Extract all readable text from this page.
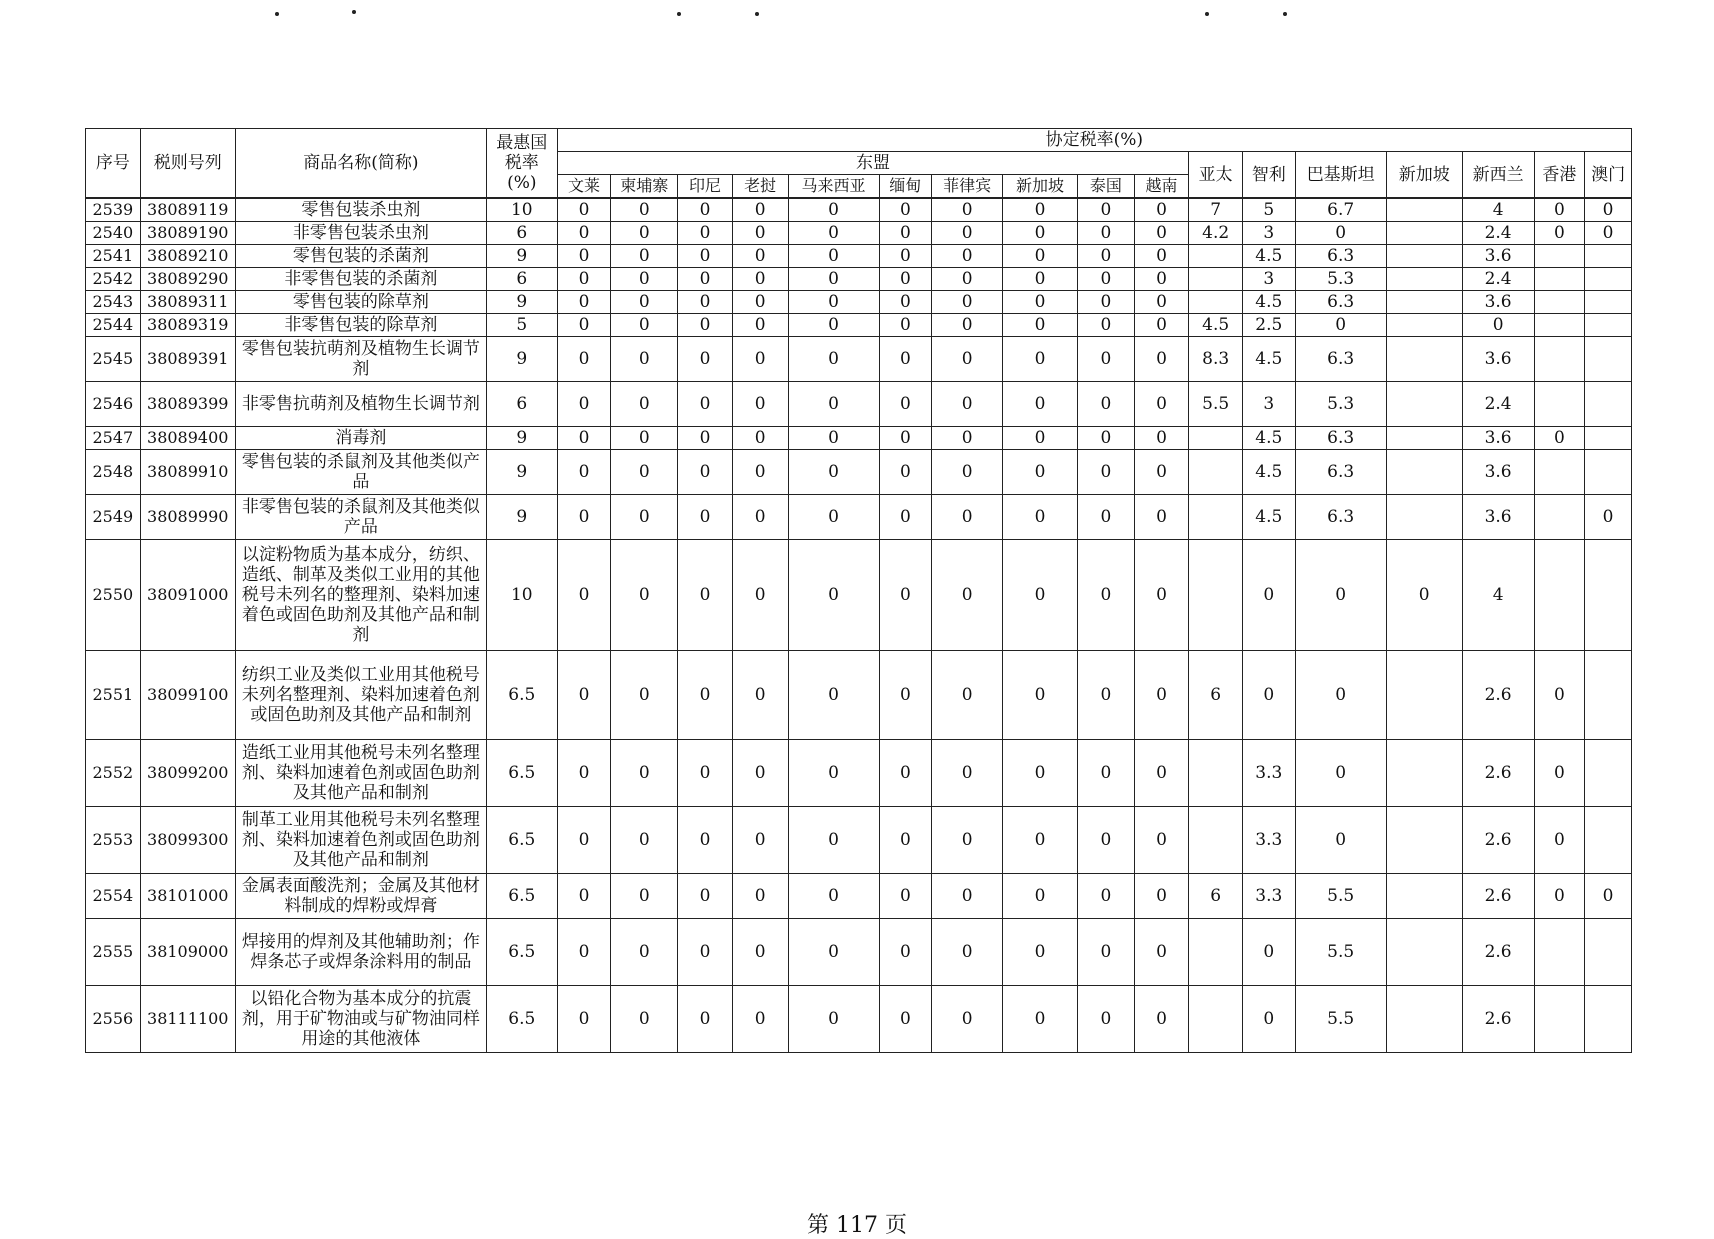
序号	税则号列	商品名称(简称)	最惠国
税率
(%)	协定税率(%)																
				东盟										亚太	智利	巴基斯坦	新加坡	新西兰	香港	澳门
				文莱	柬埔寨	印尼	老挝	马来西亚	缅甸	菲律宾	新加坡	泰国	越南							
2539	38089119	零售包装杀虫剂	10	0	0	0	0	0	0	0	0	0	0	7	5	6.7		4	0	0
2540	38089190	非零售包装杀虫剂	6	0	0	0	0	0	0	0	0	0	0	4.2	3	0		2.4	0	0
2541	38089210	零售包装的杀菌剂	9	0	0	0	0	0	0	0	0	0	0		4.5	6.3		3.6		
2542	38089290	非零售包装的杀菌剂	6	0	0	0	0	0	0	0	0	0	0		3	5.3		2.4		
2543	38089311	零售包装的除草剂	9	0	0	0	0	0	0	0	0	0	0		4.5	6.3		3.6		
2544	38089319	非零售包装的除草剂	5	0	0	0	0	0	0	0	0	0	0	4.5	2.5	0		0		
2545	38089391	零售包装抗萌剂及植物生长调节剂	9	0	0	0	0	0	0	0	0	0	0	8.3	4.5	6.3		3.6		
2546	38089399	非零售抗萌剂及植物生长调节剂	6	0	0	0	0	0	0	0	0	0	0	5.5	3	5.3		2.4		
2547	38089400	消毒剂	9	0	0	0	0	0	0	0	0	0	0		4.5	6.3		3.6	0	
2548	38089910	零售包装的杀鼠剂及其他类似产品	9	0	0	0	0	0	0	0	0	0	0		4.5	6.3		3.6		
2549	38089990	非零售包装的杀鼠剂及其他类似产品	9	0	0	0	0	0	0	0	0	0	0		4.5	6.3		3.6		0
2550	38091000	以淀粉物质为基本成分，纺织、造纸、制革及类似工业用的其他税号未列名的整理剂、染料加速着色或固色助剂及其他产品和制剂	10	0	0	0	0	0	0	0	0	0	0		0	0	0	4		
2551	38099100	纺织工业及类似工业用其他税号未列名整理剂、染料加速着色剂或固色助剂及其他产品和制剂	6.5	0	0	0	0	0	0	0	0	0	0	6	0	0		2.6	0	
2552	38099200	造纸工业用其他税号未列名整理剂、染料加速着色剂或固色助剂及其他产品和制剂	6.5	0	0	0	0	0	0	0	0	0	0		3.3	0		2.6	0	
2553	38099300	制革工业用其他税号未列名整理剂、染料加速着色剂或固色助剂及其他产品和制剂	6.5	0	0	0	0	0	0	0	0	0	0		3.3	0		2.6	0	
2554	38101000	金属表面酸洗剂；金属及其他材料制成的焊粉或焊膏	6.5	0	0	0	0	0	0	0	0	0	0	6	3.3	5.5		2.6	0	0
2555	38109000	焊接用的焊剂及其他辅助剂；作焊条芯子或焊条涂料用的制品	6.5	0	0	0	0	0	0	0	0	0	0		0	5.5		2.6		
2556	38111100	以铅化合物为基本成分的抗震剂，用于矿物油或与矿物油同样用途的其他液体	6.5	0	0	0	0	0	0	0	0	0	0		0	5.5		2.6		
第 117 页
